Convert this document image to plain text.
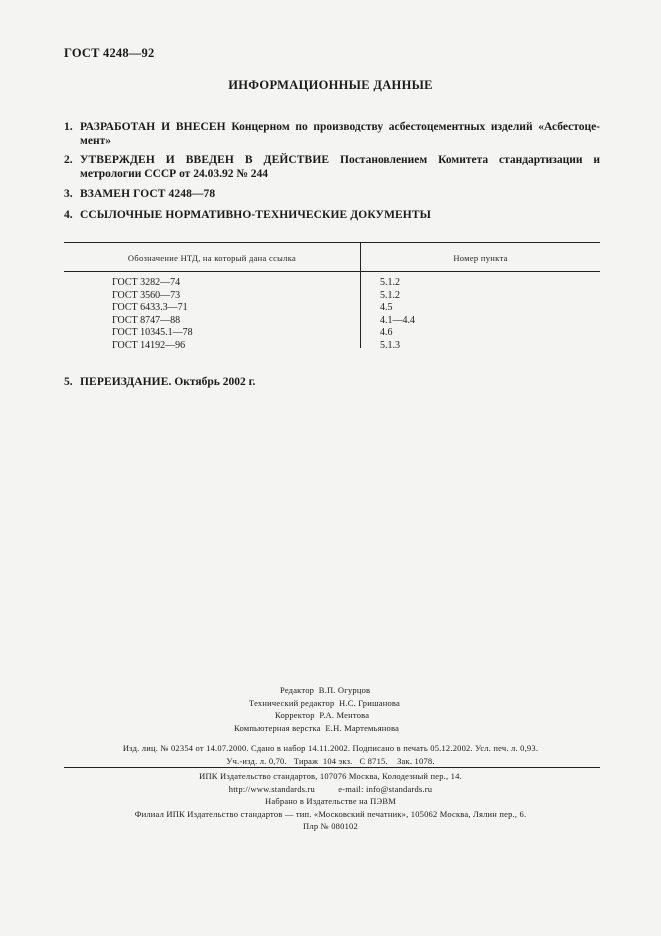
ГОСТ 4248—92
ИНФОРМАЦИОННЫЕ ДАННЫЕ
1. РАЗРАБОТАН И ВНЕСЕН Концерном по производству асбестоцементных изделий «Асбестоце-мент»
2. УТВЕРЖДЕН И ВВЕДЕН В ДЕЙСТВИЕ Постановлением Комитета стандартизации и метрологии СССР от 24.03.92 № 244
3. ВЗАМЕН ГОСТ 4248—78
4. ССЫЛОЧНЫЕ НОРМАТИВНО-ТЕХНИЧЕСКИЕ ДОКУМЕНТЫ
Обозначение НТД, на который дана ссылка	Номер пункта
ГОСТ 3282—74	5.1.2
ГОСТ 3560—73	5.1.2
ГОСТ 6433.3—71	4.5
ГОСТ 8747—88	4.1—4.4
ГОСТ 10345.1—78	4.6
ГОСТ 14192—96	5.1.3
5. ПЕРЕИЗДАНИЕ. Октябрь 2002 г.
Редактор В.П. Огурцов
Технический редактор Н.С. Гришанова
Корректор Р.А. Ментова
Компьютерная верстка Е.Н. Мартемьянова
Изд. лиц. № 02354 от 14.07.2000. Сдано в набор 14.11.2002. Подписано в печать 05.12.2002. Усл. печ. л. 0,93.
Уч.-изд. л. 0,70.   Тираж  104 экз.   С 8715.    Зак. 1078.
ИПК Издательство стандартов, 107076 Москва, Колодезный пер., 14.
http://www.standards.ru          e-mail: info@standards.ru
Набрано в Издательстве на ПЭВМ
Филиал ИПК Издательство стандартов — тип. «Московский печатник», 105062 Москва, Лялин пер., 6.
Плр № 080102
